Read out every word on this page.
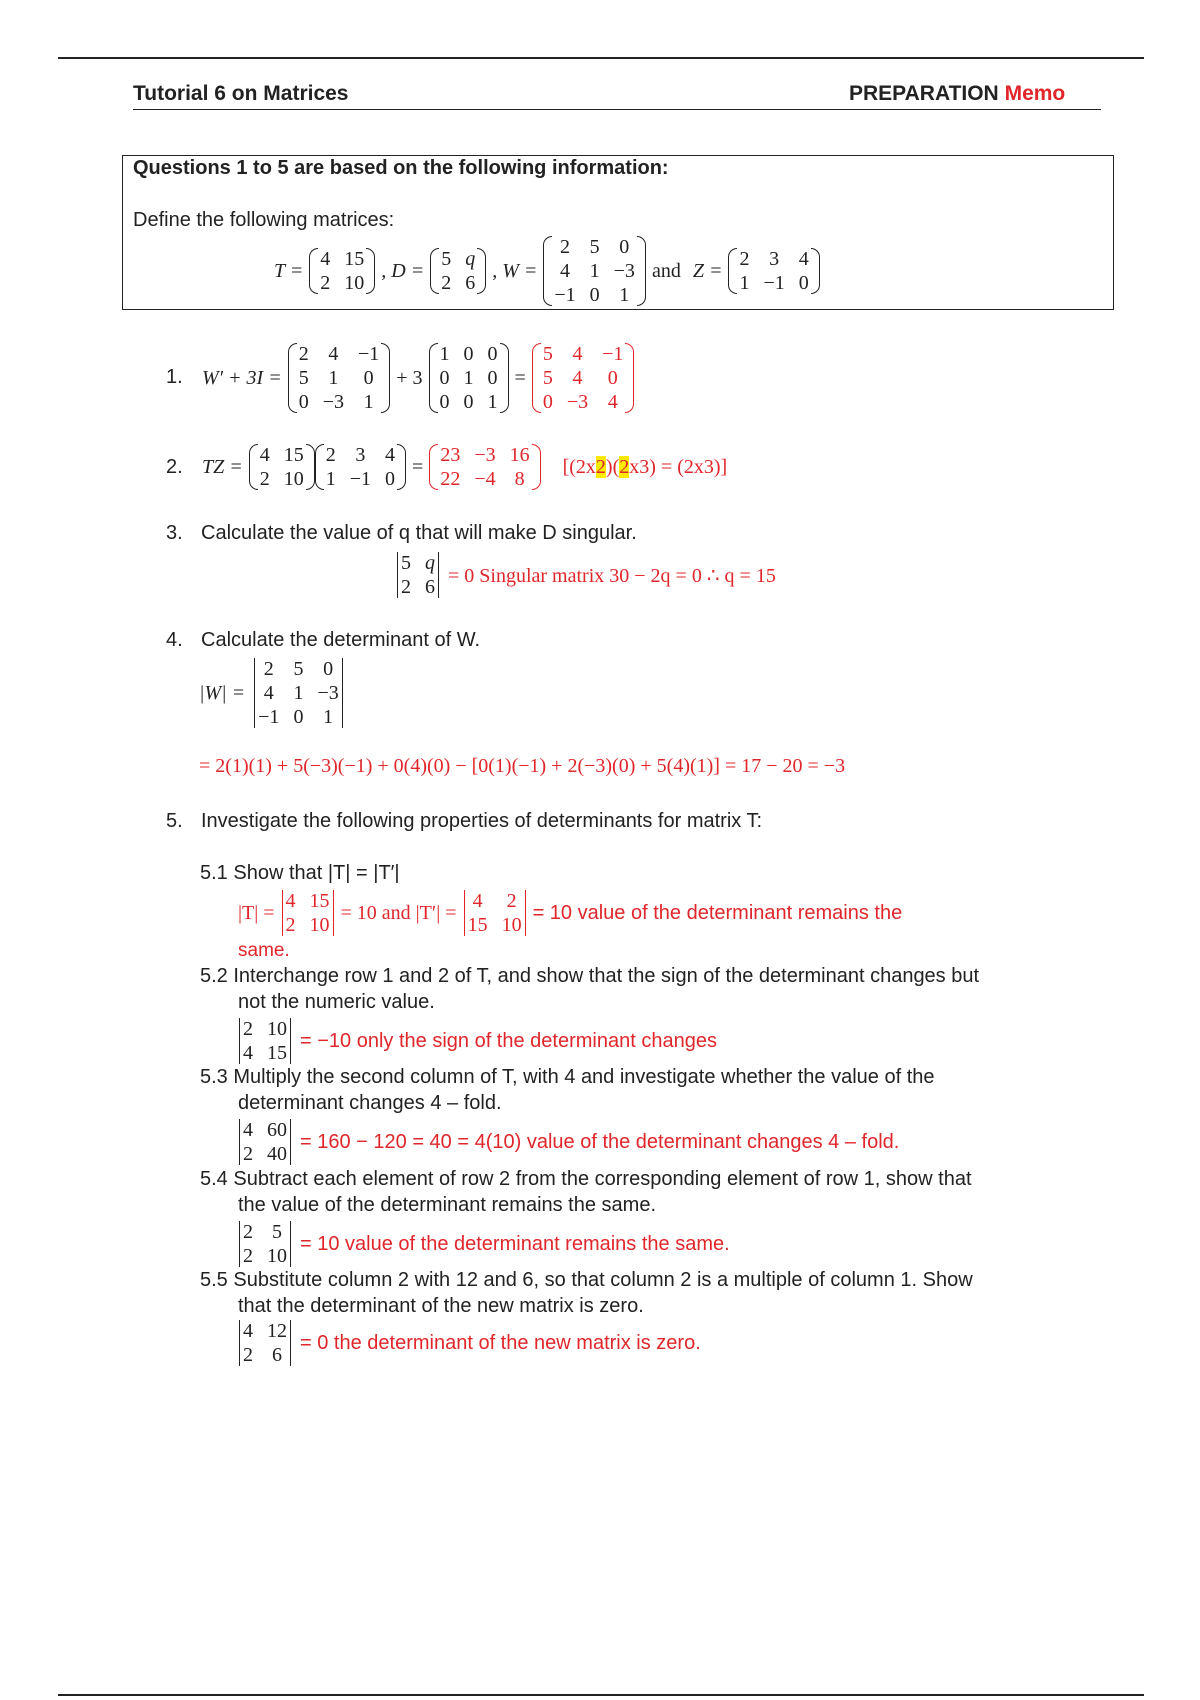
Tutorial 6 on Matrices	PREPARATION Memo
Questions 1 to 5 are based on the following information:
Define the following matrices:
T =
4 15
2 10
, D =
5 q
2 6
, W =
2 5 0
4 1 −3
−1 0 1
and Z =
2 3 4
1 −1 0
1. W′ + 3I =
2 4 −1
5 1 0
0 −3 1
+ 3
1 0 0
0 1 0
0 0 1
=
5 4 −1
5 4 0
0 −3 4
2. TZ =
4 15
2 10
2 3 4
1 −1 0
=
23 −3 16
22 −4 8
[(2x2)(2x3) = (2x3)]
3. Calculate the value of q that will make D singular.
5 q
2 6
= 0 Singular matrix 30 − 2q = 0 ∴ q = 15
4. Calculate the determinant of W.
|W| =
2 5 0
4 1 −3
−1 0 1
= 2(1)(1) + 5(−3)(−1) + 0(4)(0) − [0(1)(−1) + 2(−3)(0) + 5(4)(1)] = 17 − 20 = −3
5. Investigate the following properties of determinants for matrix T:
5.1 Show that |T| = |T′|
|T| =
4 15
2 10
= 10 and |T′| =
4 2
15 10
= 10 value of the determinant remains the
same.
5.2 Interchange row 1 and 2 of T, and show that the sign of the determinant changes but
not the numeric value.
2 10
4 15
= −10 only the sign of the determinant changes
5.3 Multiply the second column of T, with 4 and investigate whether the value of the
determinant changes 4 – fold.
4 60
2 40
= 160 − 120 = 40 = 4(10) value of the determinant changes 4 – fold.
5.4 Subtract each element of row 2 from the corresponding element of row 1, show that
the value of the determinant remains the same.
2 5
2 10
= 10 value of the determinant remains the same.
5.5 Substitute column 2 with 12 and 6, so that column 2 is a multiple of column 1. Show
that the determinant of the new matrix is zero.
4 12
2 6
= 0 the determinant of the new matrix is zero.
